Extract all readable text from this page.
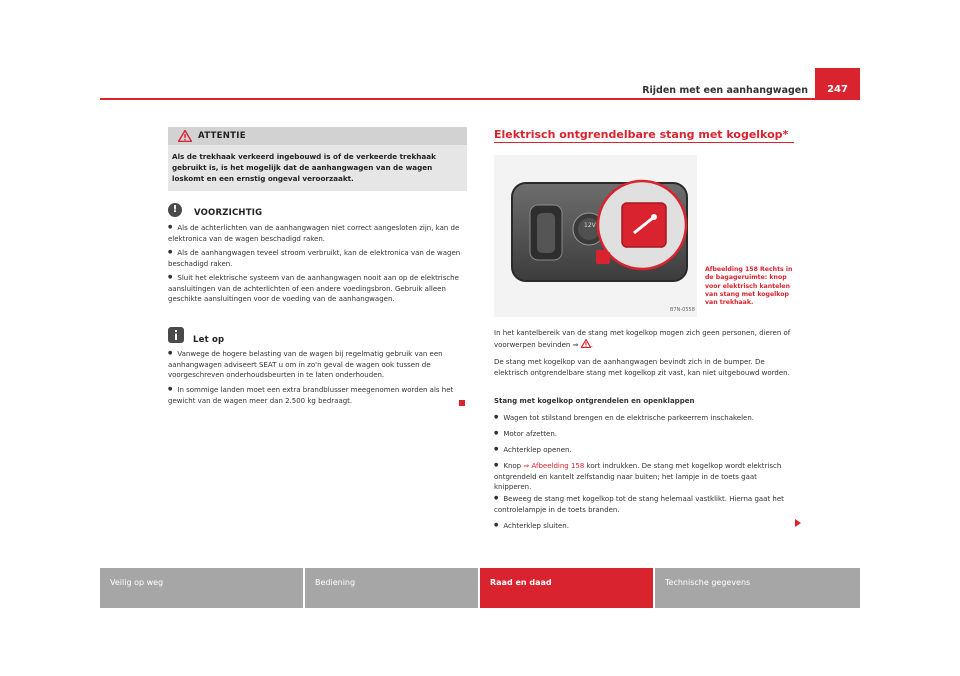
Rijden met een aanhangwagen	247
ATTENTIE
Als de trekhaak verkeerd ingebouwd is of de verkeerde trekhaak gebruikt is, is het mogelijk dat de aanhangwagen van de wagen loskomt en een ernstig ongeval veroorzaakt.
!	VOORZICHTIG
● Als de achterlichten van de aanhangwagen niet correct aangesloten zijn, kan de elektronica van de wagen beschadigd raken.
● Als de aanhangwagen teveel stroom verbruikt, kan de elektronica van de wagen beschadigd raken.
● Sluit het elektrische systeem van de aanhangwagen nooit aan op de elektrische aansluitingen van de achterlichten of een andere voedingsbron. Gebruik alleen geschikte aansluitingen voor de voeding van de aanhangwagen.
Let op
● Vanwege de hogere belasting van de wagen bij regelmatig gebruik van een aanhangwagen adviseert SEAT u om in zo'n geval de wagen ook tussen de voorgeschreven onderhoudsbeurten in te laten onderhouden.
● In sommige landen moet een extra brandblusser meegenomen worden als het gewicht van de wagen meer dan 2.500 kg bedraagt.
Elektrisch ontgrendelbare stang met kogelkop*
12V
B7N-0558
Afbeelding 158 Rechts in de bagageruimte: knop voor elektrisch kantelen van stang met kogelkop van trekhaak.
In het kantelbereik van de stang met kogelkop mogen zich geen personen, dieren of voorwerpen bevinden ⇒ .
De stang met kogelkop van de aanhangwagen bevindt zich in de bumper. De elektrisch ontgrendelbare stang met kogelkop zit vast, kan niet uitgebouwd worden.
Stang met kogelkop ontgrendelen en openklappen
● Wagen tot stilstand brengen en de elektrische parkeerrem inschakelen.
● Motor afzetten.
● Achterklep openen.
● Knop ⇒ Afbeelding 158 kort indrukken. De stang met kogelkop wordt elektrisch ontgrendeld en kantelt zelfstandig naar buiten; het lampje in de toets gaat knipperen.
● Beweeg de stang met kogelkop tot de stang helemaal vastklikt. Hierna gaat het controlelampje in de toets branden.
● Achterklep sluiten.
Veilig op weg	Bediening	Raad en daad	Technische gegevens
